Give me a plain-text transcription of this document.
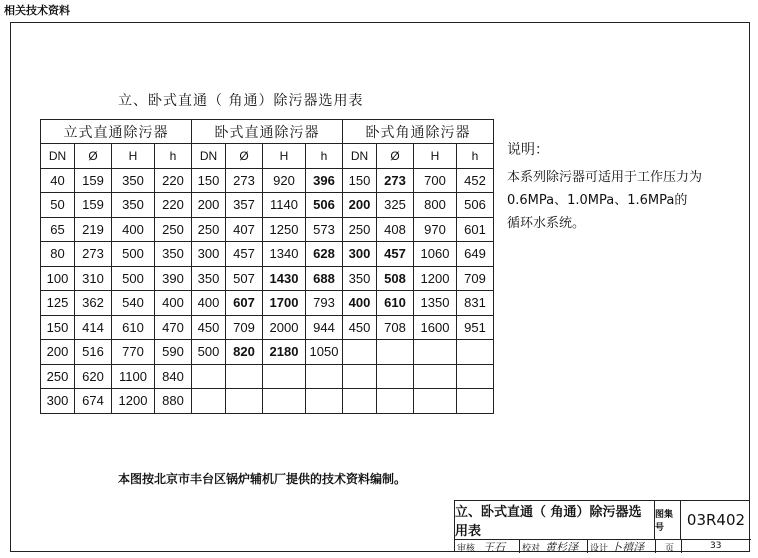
相关技术资料
立、卧式直通（ 角通）除污器选用表
立式直通除污器				卧式直通除污器				卧式角通除污器			
DN	Ø	H	h	DN	Ø	H	h	DN	Ø	H	h
40	159	350	220	150	273	920	396	150	273	700	452
50	159	350	220	200	357	1140	506	200	325	800	506
65	219	400	250	250	407	1250	573	250	408	970	601
80	273	500	350	300	457	1340	628	300	457	1060	649
100	310	500	390	350	507	1430	688	350	508	1200	709
125	362	540	400	400	607	1700	793	400	610	1350	831
150	414	610	470	450	709	2000	944	450	708	1600	951
200	516	770	590	500	820	2180	1050				
250	620	1100	840								
300	674	1200	880								
说明：
本系列除污器可适用于工作压力为
0.6MPa、1.0MPa、1.6MPa的
循环水系统。
本图按北京市丰台区锅炉辅机厂提供的技术资料编制。
立、卧式直通（ 角通）除污器选用表
图集号	03R402
审核 王石 校对 黄杉泽 设计 卜禧泽 页	33
